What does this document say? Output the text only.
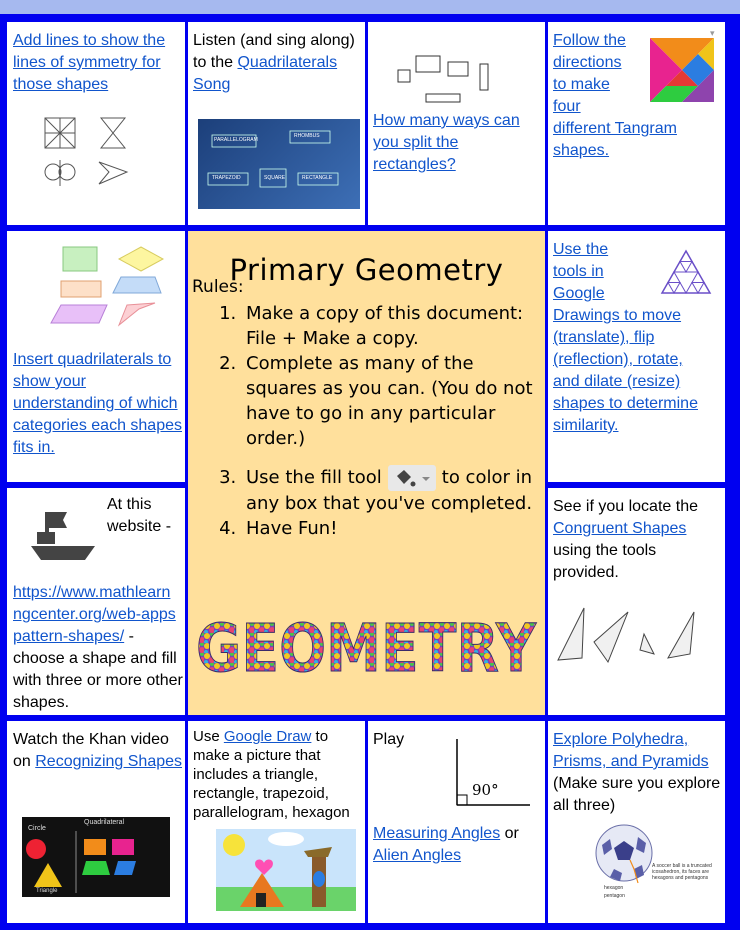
Add lines to show the lines of symmetry for those shapes
Listen (and sing along) to the Quadrilaterals Song
PARALLELOGRAM
RHOMBUS
TRAPEZOID	SQUARE	RECTANGLE
How many ways can you split the rectangles?
Follow the
directions
to make
four
different Tangram
shapes.
▾
Insert quadrilaterals to show your understanding of which categories each shapes fits in.
Primary Geometry
Rules:
1. Make a copy of this document: File + Make a copy.
2. Complete as many of the squares as you can. (You do not have to go in any particular order.)
3. Use the fill tool	to color in any box that you've completed.
4. Have Fun!
GEOMETRY
Use the
tools in
Google
Drawings to move
(translate), flip
(reflection), rotate,
and dilate (resize)
shapes to determine
similarity.
At this
website -
https://www.mathlearn
ngcenter.org/web-apps
pattern-shapes/ - choose a shape and fill with three or more other shapes.
See if you locate the
Congruent Shapes
using the tools provided.
Watch the Khan video on Recognizing Shapes
Circle
Quadrilateral
Triangle
Use Google Draw to make a picture that includes a triangle, rectangle, trapezoid, parallelogram, hexagon
Play
90°
Measuring Angles or
Alien Angles
Explore Polyhedra, Prisms, and Pyramids
(Make sure you explore all three)
A soccer ball is a truncated icosahedron, its faces are hexagons and pentagons
hexagon
pentagon
